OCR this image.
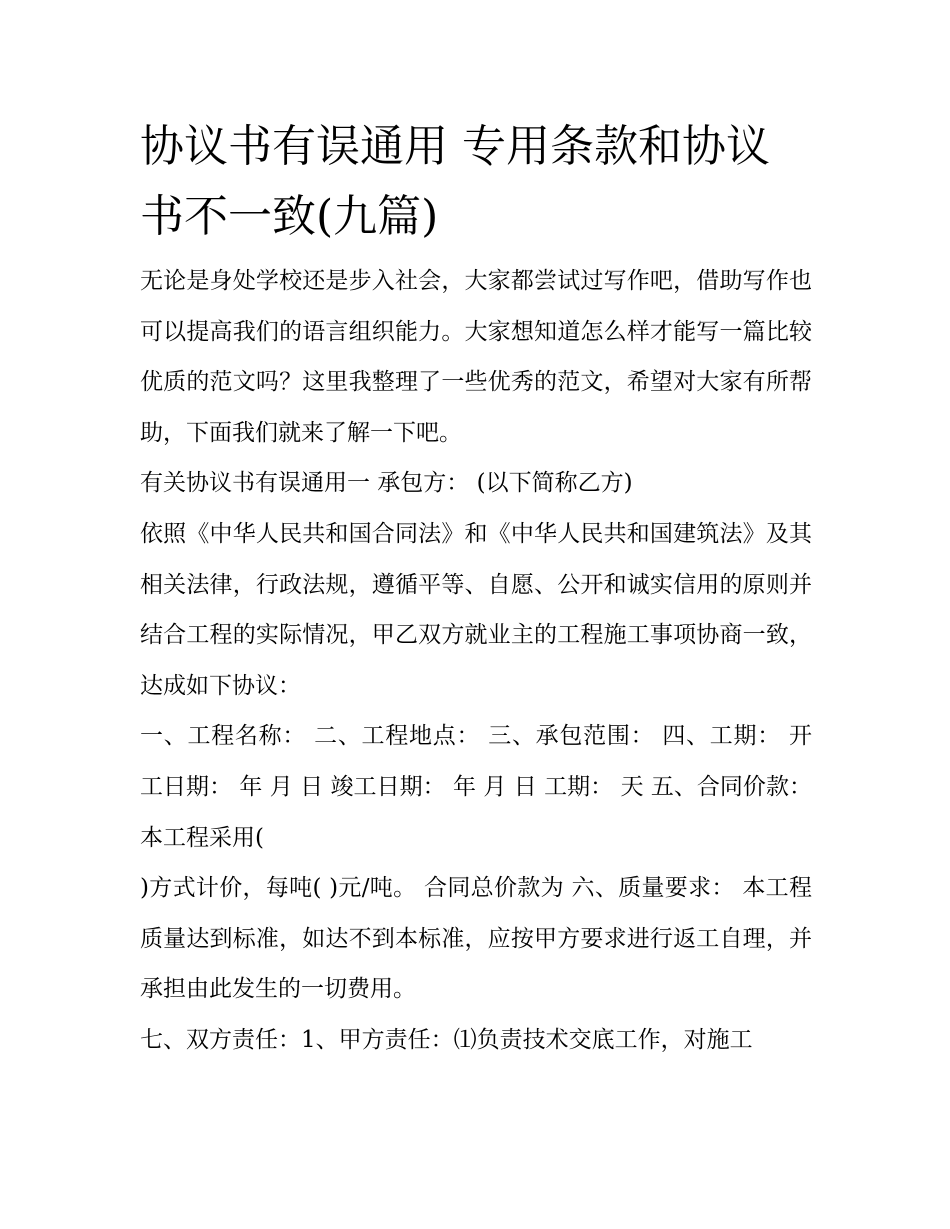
协议书有误通用 专用条款和协议书不一致(九篇)

无论是身处学校还是步入社会，大家都尝试过写作吧，借助写作也可以提高我们的语言组织能力。大家想知道怎么样才能写一篇比较优质的范文吗？这里我整理了一些优秀的范文，希望对大家有所帮助，下面我们就来了解一下吧。

有关协议书有误通用一 承包方： (以下简称乙方)

依照《中华人民共和国合同法》和《中华人民共和国建筑法》及其相关法律，行政法规，遵循平等、自愿、公开和诚实信用的原则并结合工程的实际情况，甲乙双方就业主的工程施工事项协商一致，达成如下协议：

一、工程名称： 二、工程地点： 三、承包范围： 四、工期： 开工日期： 年 月 日 竣工日期： 年 月 日 工期： 天 五、合同价款：本工程采用(

)方式计价，每吨( )元/吨。 合同总价款为 六、质量要求： 本工程质量达到标准，如达不到本标准，应按甲方要求进行返工自理，并承担由此发生的一切费用。

七、双方责任：1、甲方责任：⑴负责技术交底工作，对施工
